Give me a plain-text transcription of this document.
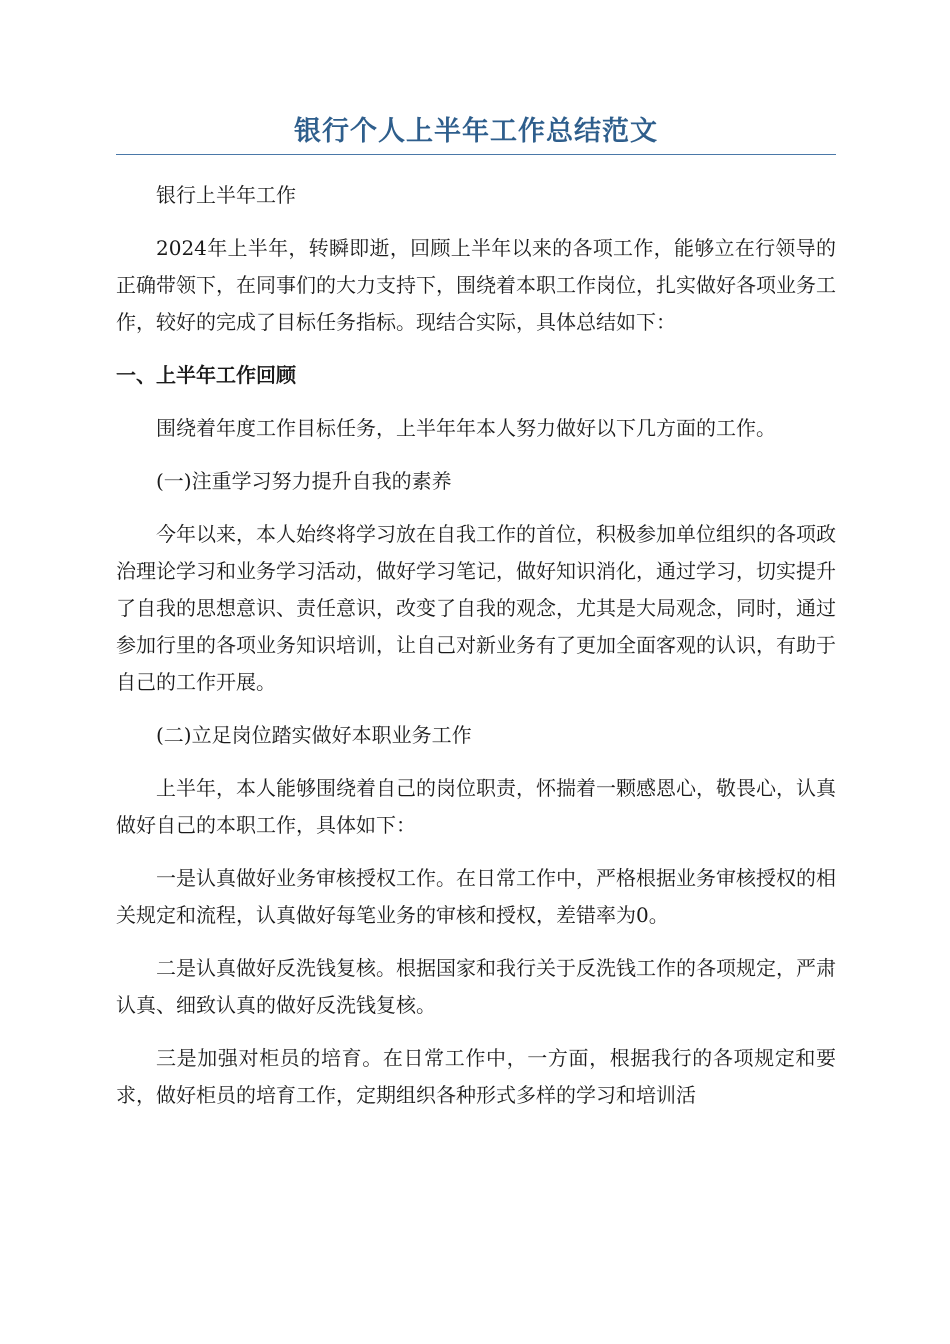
银行个人上半年工作总结范文

银行上半年工作

2024年上半年，转瞬即逝，回顾上半年以来的各项工作，能够立在行领导的正确带领下，在同事们的大力支持下，围绕着本职工作岗位，扎实做好各项业务工作，较好的完成了目标任务指标。现结合实际，具体总结如下：

一、上半年工作回顾

围绕着年度工作目标任务，上半年年本人努力做好以下几方面的工作。

(一)注重学习努力提升自我的素养

今年以来，本人始终将学习放在自我工作的首位，积极参加单位组织的各项政治理论学习和业务学习活动，做好学习笔记，做好知识消化，通过学习，切实提升了自我的思想意识、责任意识，改变了自我的观念，尤其是大局观念，同时，通过参加行里的各项业务知识培训，让自己对新业务有了更加全面客观的认识，有助于自己的工作开展。

(二)立足岗位踏实做好本职业务工作

上半年，本人能够围绕着自己的岗位职责，怀揣着一颗感恩心，敬畏心，认真做好自己的本职工作，具体如下：

一是认真做好业务审核授权工作。在日常工作中，严格根据业务审核授权的相关规定和流程，认真做好每笔业务的审核和授权，差错率为0。

二是认真做好反洗钱复核。根据国家和我行关于反洗钱工作的各项规定，严肃认真、细致认真的做好反洗钱复核。

三是加强对柜员的培育。在日常工作中，一方面，根据我行的各项规定和要求，做好柜员的培育工作，定期组织各种形式多样的学习和培训活
